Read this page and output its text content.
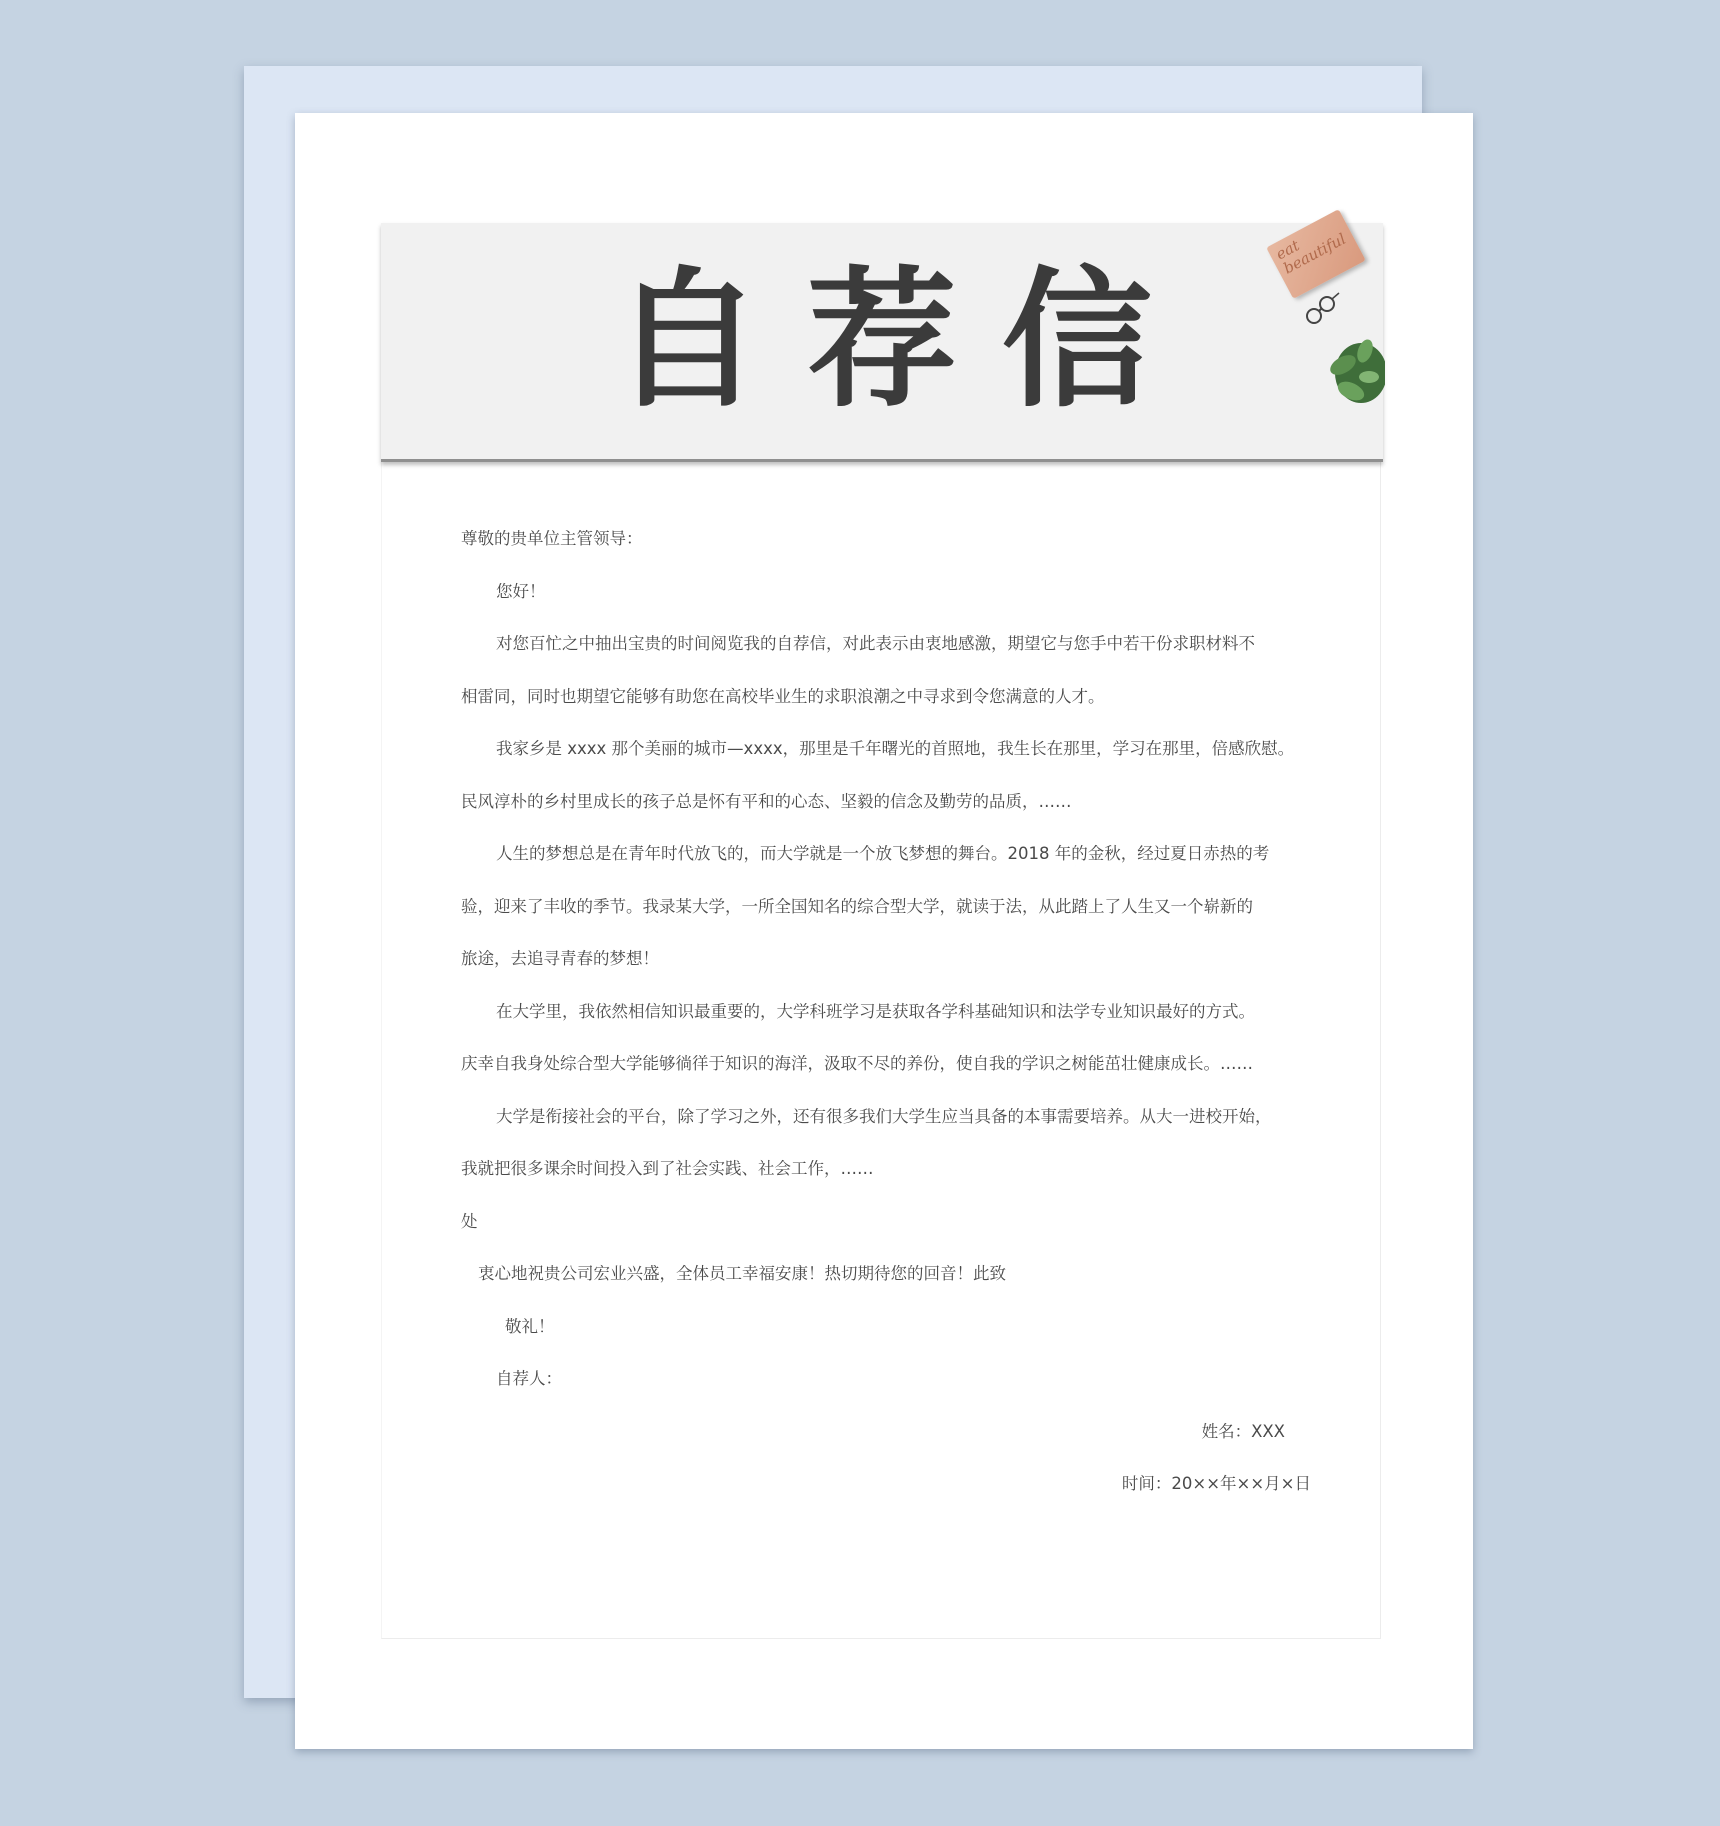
自荐信
eat beautiful

尊敬的贵单位主管领导：

您好！

对您百忙之中抽出宝贵的时间阅览我的自荐信，对此表示由衷地感激，期望它与您手中若干份求职材料不

相雷同，同时也期望它能够有助您在高校毕业生的求职浪潮之中寻求到令您满意的人才。

我家乡是 xxxx 那个美丽的城市—xxxx，那里是千年曙光的首照地，我生长在那里，学习在那里，倍感欣慰。

民风淳朴的乡村里成长的孩子总是怀有平和的心态、坚毅的信念及勤劳的品质，……

人生的梦想总是在青年时代放飞的，而大学就是一个放飞梦想的舞台。2018 年的金秋，经过夏日赤热的考

验，迎来了丰收的季节。我录某大学，一所全国知名的综合型大学，就读于法，从此踏上了人生又一个崭新的

旅途，去追寻青春的梦想！

在大学里，我依然相信知识最重要的，大学科班学习是获取各学科基础知识和法学专业知识最好的方式。

庆幸自我身处综合型大学能够徜徉于知识的海洋，汲取不尽的养份，使自我的学识之树能茁壮健康成长。……

大学是衔接社会的平台，除了学习之外，还有很多我们大学生应当具备的本事需要培养。从大一进校开始，

我就把很多课余时间投入到了社会实践、社会工作，……

处

衷心地祝贵公司宏业兴盛，全体员工幸福安康！热切期待您的回音！此致

敬礼！

自荐人：

姓名：XXX

时间：20××年××月×日
